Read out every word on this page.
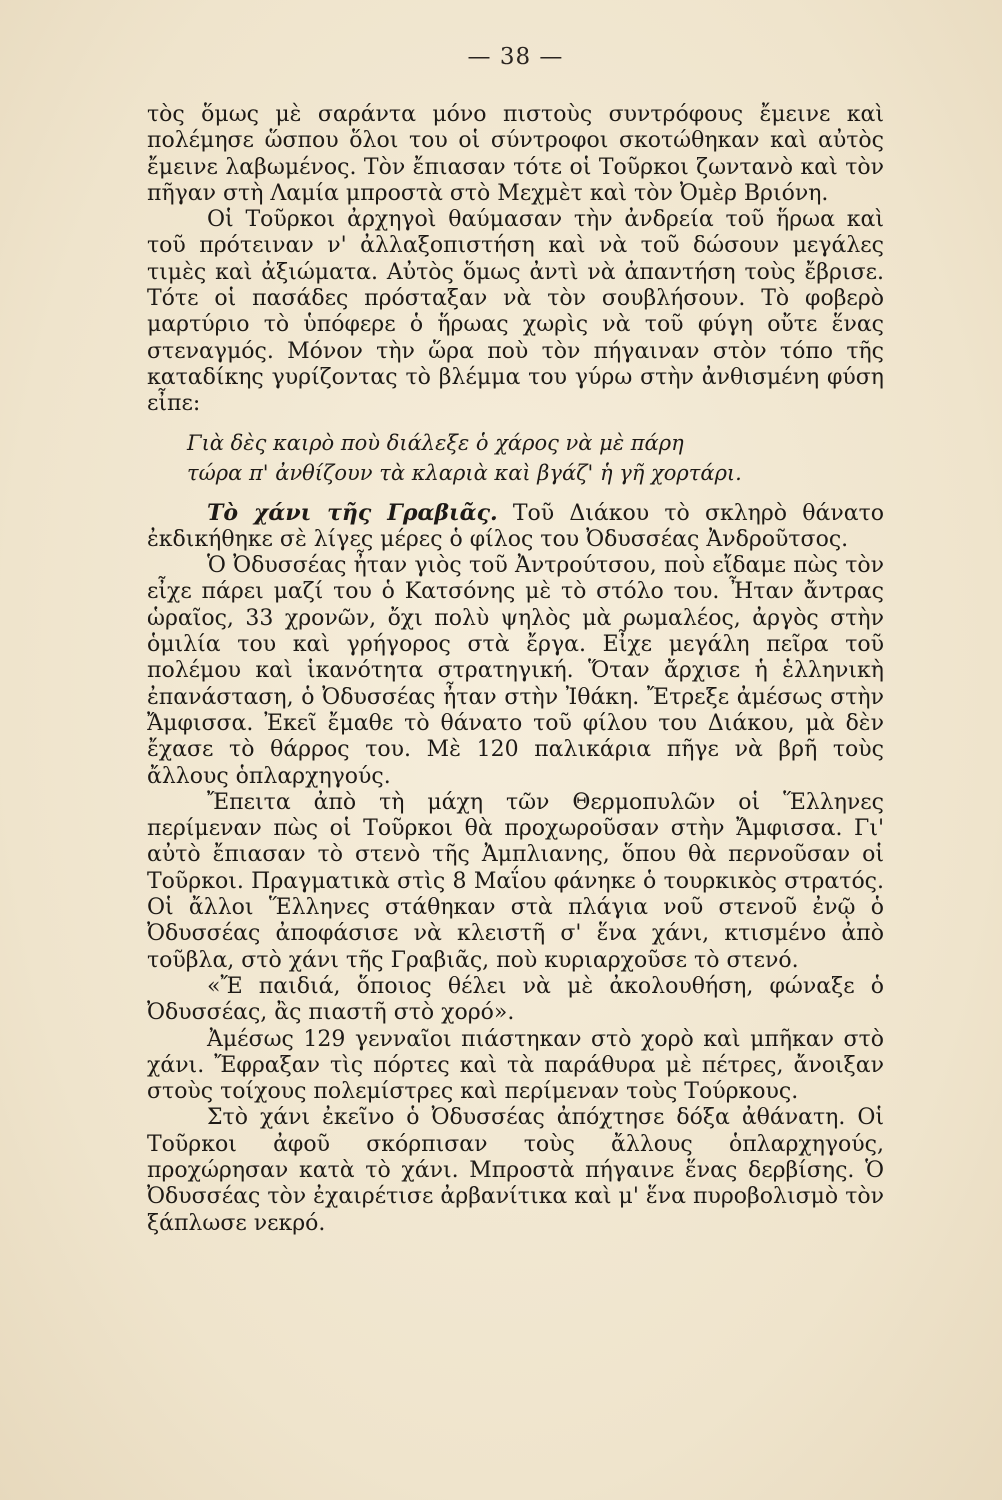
— 38 —

τὸς ὅμως μὲ σαράντα μόνο πιστοὺς συντρόφους ἔμεινε καὶ πολέμησε ὥσπου ὅλοι του οἱ σύντροφοι σκοτώθηκαν καὶ αὐτὸς ἔμεινε λαβωμένος. Τὸν ἔπιασαν τότε οἱ Τοῦρκοι ζωντανὸ καὶ τὸν πῆγαν στὴ Λαμία μπροστὰ στὸ Μεχμὲτ καὶ τὸν Ὀμὲρ Βριόνη.

Οἱ Τοῦρκοι ἀρχηγοὶ θαύμασαν τὴν ἀνδρεία τοῦ ἥρωα καὶ τοῦ πρότειναν ν' ἀλλαξοπιστήση καὶ νὰ τοῦ δώσουν μεγάλες τιμὲς καὶ ἀξιώματα. Αὐτὸς ὅμως ἀντὶ νὰ ἀπαντήση τοὺς ἔβρισε. Τότε οἱ πασάδες πρόσταξαν νὰ τὸν σουβλήσουν. Τὸ φοβερὸ μαρτύριο τὸ ὑπόφερε ὁ ἥρωας χωρὶς νὰ τοῦ φύγη οὔτε ἕνας στεναγμός. Μόνον τὴν ὥρα ποὺ τὸν πήγαιναν στὸν τόπο τῆς καταδίκης γυρίζοντας τὸ βλέμμα του γύρω στὴν ἀνθισμένη φύση εἶπε:

Γιὰ δὲς καιρὸ ποὺ διάλεξε ὁ χάρος νὰ μὲ πάρη
τώρα π' ἀνθίζουν τὰ κλαριὰ καὶ βγάζ' ἡ γῆ χορτάρι.

Τὸ χάνι τῆς Γραβιᾶς. Τοῦ Διάκου τὸ σκληρὸ θάνατο ἐκδικήθηκε σὲ λίγες μέρες ὁ φίλος του Ὀδυσσέας Ἀνδροῦτσος.

Ὁ Ὀδυσσέας ἦταν γιὸς τοῦ Ἀντρούτσου, ποὺ εἴδαμε πὼς τὸν εἶχε πάρει μαζί του ὁ Κατσόνης μὲ τὸ στόλο του. Ἦταν ἄντρας ὡραῖος, 33 χρονῶν, ὄχι πολὺ ψηλὸς μὰ ρωμαλέος, ἀργὸς στὴν ὁμιλία του καὶ γρήγορος στὰ ἔργα. Εἶχε μεγάλη πεῖρα τοῦ πολέμου καὶ ἱκανότητα στρατηγική. Ὅταν ἄρχισε ἡ ἑλληνικὴ ἐπανάσταση, ὁ Ὀδυσσέας ἦταν στὴν Ἰθάκη. Ἔτρεξε ἀμέσως στὴν Ἄμφισσα. Ἐκεῖ ἔμαθε τὸ θάνατο τοῦ φίλου του Διάκου, μὰ δὲν ἔχασε τὸ θάρρος του. Μὲ 120 παλικάρια πῆγε νὰ βρῆ τοὺς ἄλλους ὁπλαρχηγούς.

Ἔπειτα ἀπὸ τὴ μάχη τῶν Θερμοπυλῶν οἱ Ἕλληνες περίμεναν πὼς οἱ Τοῦρκοι θὰ προχωροῦσαν στὴν Ἄμφισσα. Γι' αὐτὸ ἔπιασαν τὸ στενὸ τῆς Ἀμπλιανης, ὅπου θὰ περνοῦσαν οἱ Τοῦρκοι. Πραγματικὰ στὶς 8 Μαΐου φάνηκε ὁ τουρκικὸς στρατός. Οἱ ἄλλοι Ἕλληνες στάθηκαν στὰ πλάγια νοῦ στενοῦ ἐνῷ ὁ Ὀδυσσέας ἀποφάσισε νὰ κλειστῆ σ' ἕνα χάνι, κτισμένο ἀπὸ τοῦβλα, στὸ χάνι τῆς Γραβιᾶς, ποὺ κυριαρχοῦσε τὸ στενό.

«Ἔ παιδιά, ὅποιος θέλει νὰ μὲ ἀκολουθήση, φώναξε ὁ Ὀδυσσέας, ἂς πιαστῆ στὸ χορό».

Ἀμέσως 129 γενναῖοι πιάστηκαν στὸ χορὸ καὶ μπῆκαν στὸ χάνι. Ἔφραξαν τὶς πόρτες καὶ τὰ παράθυρα μὲ πέτρες, ἄνοιξαν στοὺς τοίχους πολεμίστρες καὶ περίμεναν τοὺς Τούρκους.

Στὸ χάνι ἐκεῖνο ὁ Ὀδυσσέας ἀπόχτησε δόξα ἀθάνατη. Οἱ Τοῦρκοι ἀφοῦ σκόρπισαν τοὺς ἄλλους ὁπλαρχηγούς, προχώρησαν κατὰ τὸ χάνι. Μπροστὰ πήγαινε ἕνας δερβίσης. Ὁ Ὀδυσσέας τὸν ἐχαιρέτισε ἀρβανίτικα καὶ μ' ἕνα πυροβολισμὸ τὸν ξάπλωσε νεκρό.
